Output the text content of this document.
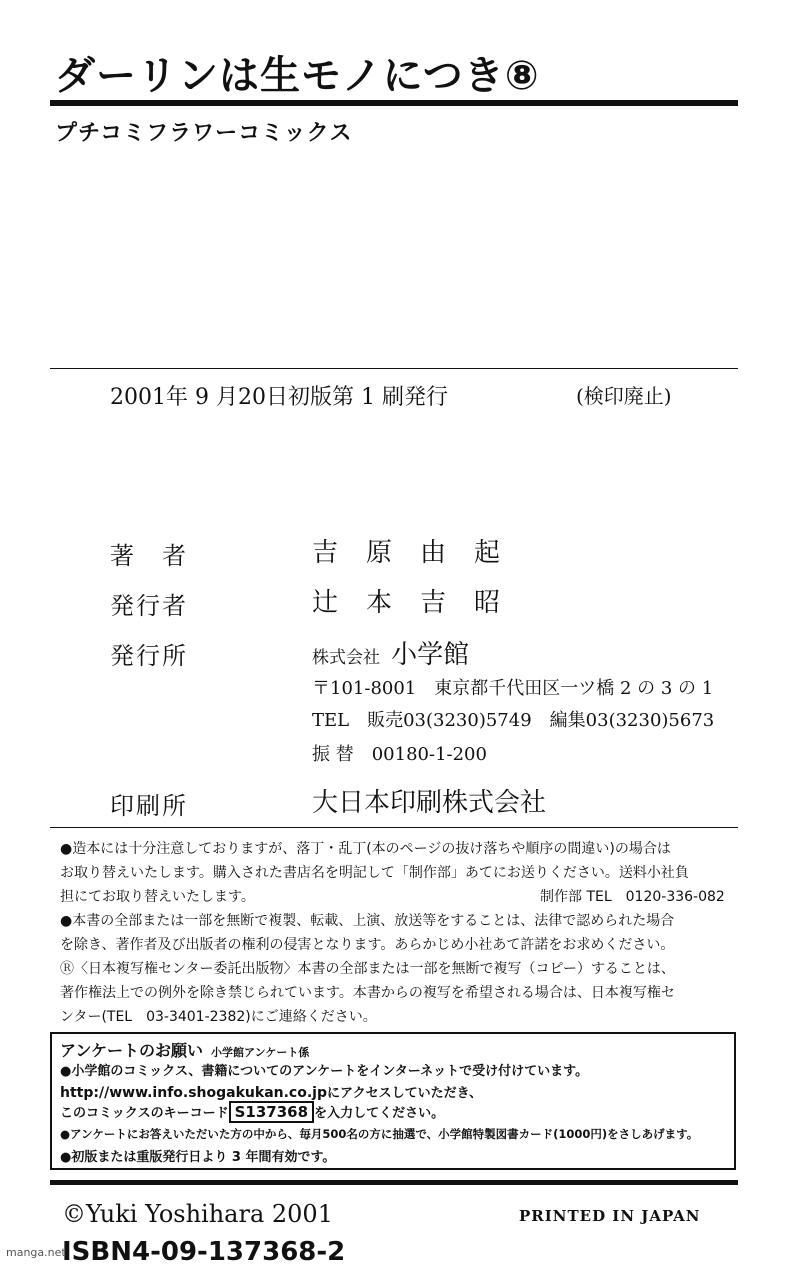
ダーリンは生モノにつき⑧
プチコミフラワーコミックス
2001年 9 月20日初版第 1 刷発行	(検印廃止)
著　者	吉原由起
発行者	辻本吉昭
発行所	株式会社 小学館
〒101-8001　東京都千代田区一ツ橋 2 の 3 の 1
TEL　販売03(3230)5749　編集03(3230)5673
振 替　00180-1-200
印刷所	大日本印刷株式会社
●造本には十分注意しておりますが、落丁・乱丁(本のページの抜け落ちや順序の間違い)の場合は
お取り替えいたします。購入された書店名を明記して「制作部」あてにお送りください。送料小社負
担にてお取り替えいたします。	制作部 TEL　0120-336-082
●本書の全部または一部を無断で複製、転載、上演、放送等をすることは、法律で認められた場合
を除き、著作者及び出版者の権利の侵害となります。あらかじめ小社あて許諾をお求めください。
Ⓡ〈日本複写権センター委託出版物〉本書の全部または一部を無断で複写（コピー）することは、
著作権法上での例外を除き禁じられています。本書からの複写を希望される場合は、日本複写権セ
ンター(TEL　03-3401-2382)にご連絡ください。
アンケートのお願い 小学館アンケート係
●小学館のコミックス、書籍についてのアンケートをインターネットで受け付けています。
http://www.info.shogakukan.co.jpにアクセスしていただき、
このコミックスのキーコード S137368 を入力してください。
●アンケートにお答えいただいた方の中から、毎月500名の方に抽選で、小学館特製図書カード(1000円)をさしあげます。
●初版または重版発行日より 3 年間有効です。
©Yuki Yoshihara 2001	PRINTED IN JAPAN
ISBN4-09-137368-2
manga.net
